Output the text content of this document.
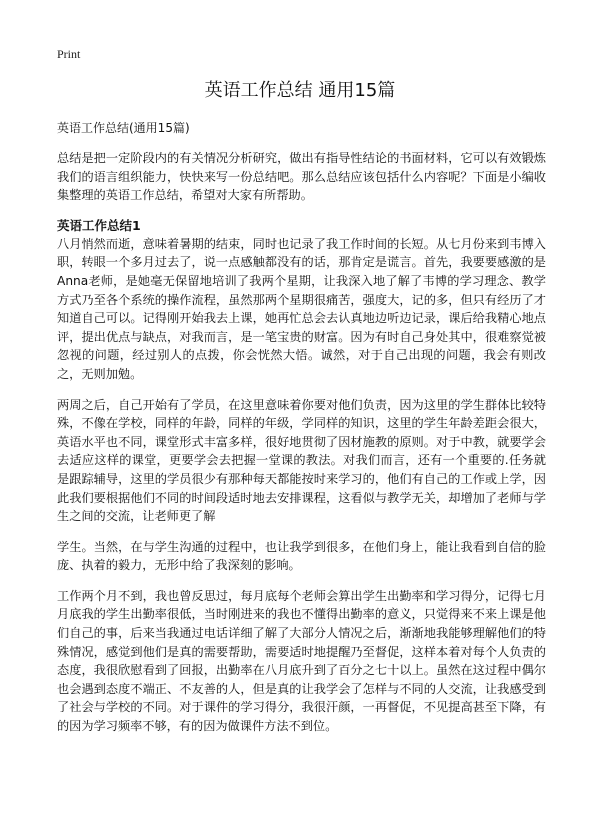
Print
英语工作总结 通用15篇

英语工作总结(通用15篇)

总结是把一定阶段内的有关情况分析研究，做出有指导性结论的书面材料，它可以有效锻炼我们的语言组织能力，快快来写一份总结吧。那么总结应该包括什么内容呢？下面是小编收集整理的英语工作总结，希望对大家有所帮助。

英语工作总结1

八月悄然而逝，意味着暑期的结束，同时也记录了我工作时间的长短。从七月份来到韦博入职，转眼一个多月过去了，说一点感触都没有的话，那肯定是谎言。首先，我要要感激的是Anna老师，是她毫无保留地培训了我两个星期，让我深入地了解了韦博的学习理念、教学方式乃至各个系统的操作流程，虽然那两个星期很痛苦，强度大，记的多，但只有经历了才知道自己可以。记得刚开始我去上课，她再忙总会去认真地边听边记录，课后给我精心地点评，提出优点与缺点，对我而言，是一笔宝贵的财富。因为有时自己身处其中，很难察觉被忽视的问题，经过别人的点拨，你会恍然大悟。诚然，对于自己出现的问题，我会有则改之，无则加勉。

两周之后，自己开始有了学员，在这里意味着你要对他们负责，因为这里的学生群体比较特殊，不像在学校，同样的年龄，同样的年级，学同样的知识，这里的学生年龄差距会很大，英语水平也不同，课堂形式丰富多样，很好地贯彻了因材施教的原则。对于中教，就要学会去适应这样的课堂，更要学会去把握一堂课的教法。对我们而言，还有一个重要的.任务就是跟踪辅导，这里的学员很少有那种每天都能按时来学习的，他们有自己的工作或上学，因此我们要根据他们不同的时间段适时地去安排课程，这看似与教学无关，却增加了老师与学生之间的交流，让老师更了解

学生。当然，在与学生沟通的过程中，也让我学到很多，在他们身上，能让我看到自信的脸庞、执着的毅力，无形中给了我深刻的影响。

工作两个月不到，我也曾反思过，每月底每个老师会算出学生出勤率和学习得分，记得七月月底我的学生出勤率很低，当时刚进来的我也不懂得出勤率的意义，只觉得来不来上课是他们自己的事，后来当我通过电话详细了解了大部分人情况之后，渐渐地我能够理解他们的特殊情况，感觉到他们是真的需要帮助，需要适时地提醒乃至督促，这样本着对每个人负责的态度，我很欣慰看到了回报，出勤率在八月底升到了百分之七十以上。虽然在这过程中偶尔也会遇到态度不端正、不友善的人，但是真的让我学会了怎样与不同的人交流，让我感受到了社会与学校的不同。对于课件的学习得分，我很汗颜，一再督促，不见提高甚至下降，有的因为学习频率不够，有的因为做课件方法不到位。
